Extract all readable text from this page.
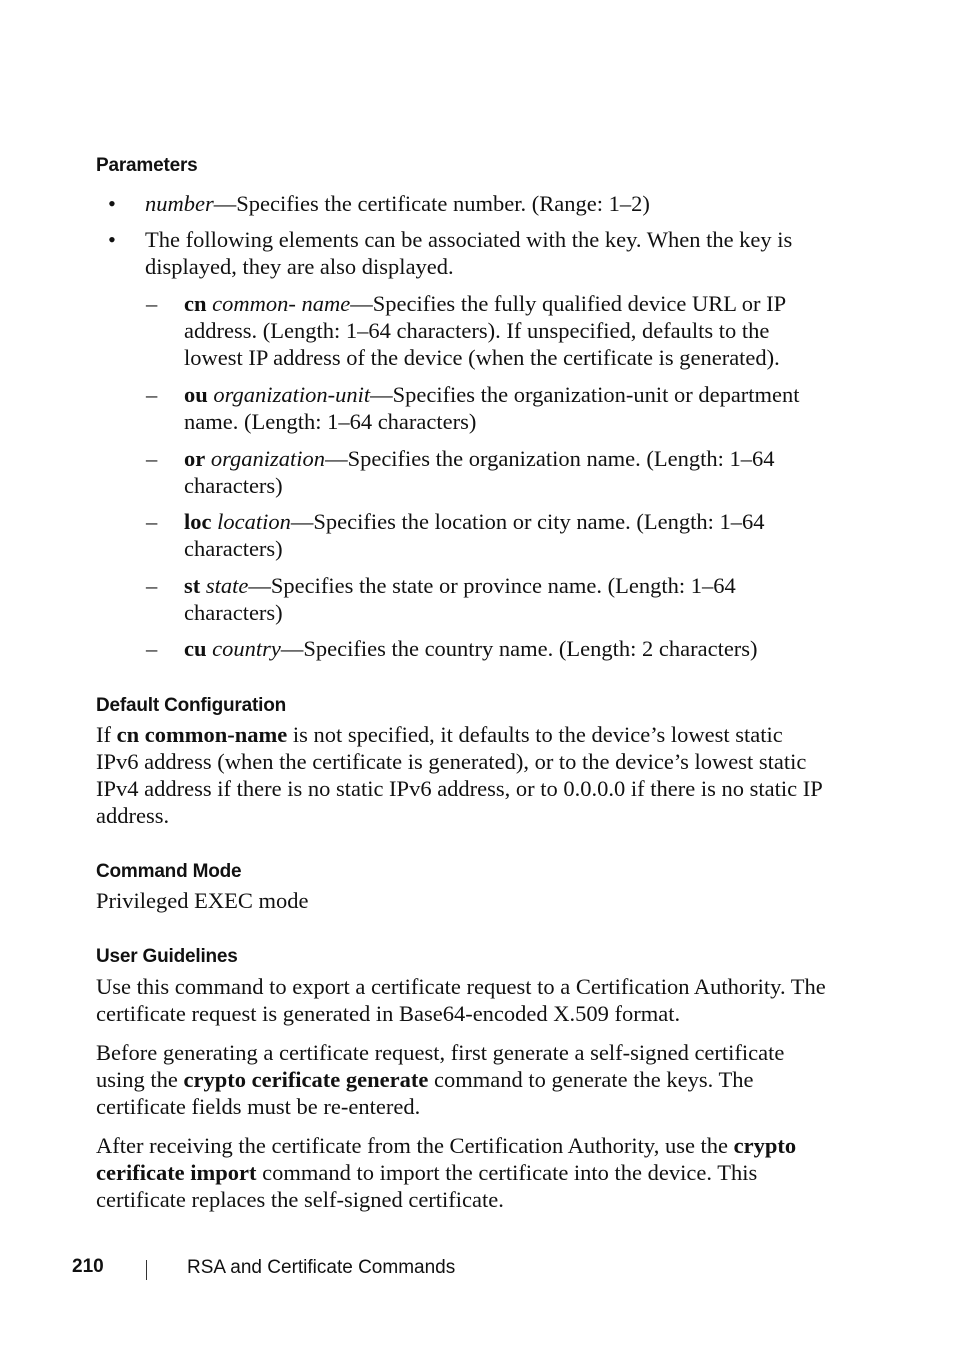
Parameters
• number—Specifies the certificate number. (Range: 1–2)
• The following elements can be associated with the key. When the key is displayed, they are also displayed.
– cn common- name—Specifies the fully qualified device URL or IP address. (Length: 1–64 characters). If unspecified, defaults to the lowest IP address of the device (when the certificate is generated).
– ou organization-unit—Specifies the organization-unit or department name. (Length: 1–64 characters)
– or organization—Specifies the organization name. (Length: 1–64 characters)
– loc location—Specifies the location or city name. (Length: 1–64 characters)
– st state—Specifies the state or province name. (Length: 1–64 characters)
– cu country—Specifies the country name. (Length: 2 characters)
Default Configuration
If cn common-name is not specified, it defaults to the device’s lowest static IPv6 address (when the certificate is generated), or to the device’s lowest static IPv4 address if there is no static IPv6 address, or to 0.0.0.0 if there is no static IP address.
Command Mode
Privileged EXEC mode
User Guidelines
Use this command to export a certificate request to a Certification Authority. The certificate request is generated in Base64-encoded X.509 format.
Before generating a certificate request, first generate a self-signed certificate using the crypto cerificate generate command to generate the keys. The certificate fields must be re-entered.
After receiving the certificate from the Certification Authority, use the crypto cerificate import command to import the certificate into the device. This certificate replaces the self-signed certificate.
210	RSA and Certificate Commands
